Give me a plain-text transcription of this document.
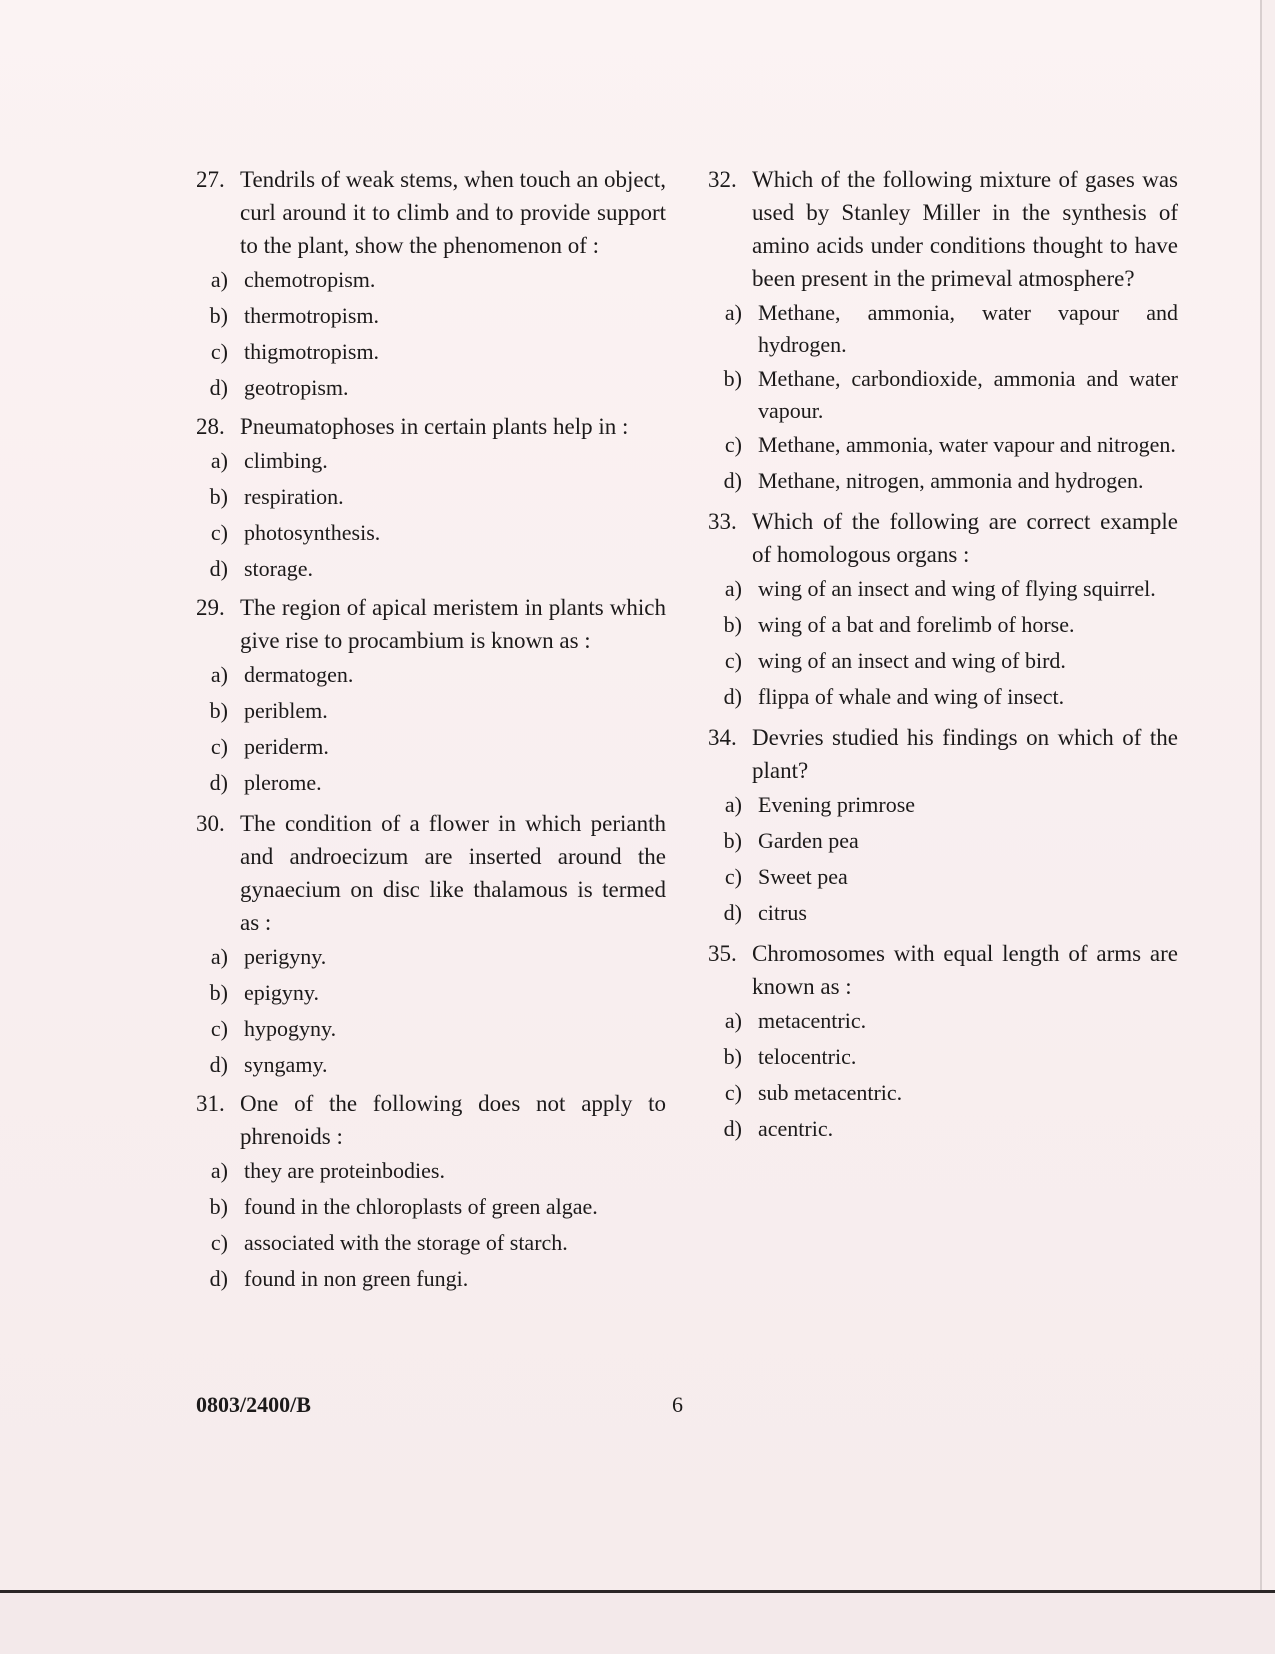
27. Tendrils of weak stems, when touch an object, curl around it to climb and to provide support to the plant, show the phenomenon of :
a) chemotropism.
b) thermotropism.
c) thigmotropism.
d) geotropism.
28. Pneumatophoses in certain plants help in :
a) climbing.
b) respiration.
c) photosynthesis.
d) storage.
29. The region of apical meristem in plants which give rise to procambium is known as :
a) dermatogen.
b) periblem.
c) periderm.
d) plerome.
30. The condition of a flower in which perianth and androecizum are inserted around the gynaecium on disc like thalamous is termed as :
a) perigyny.
b) epigyny.
c) hypogyny.
d) syngamy.
31. One of the following does not apply to phrenoids :
a) they are proteinbodies.
b) found in the chloroplasts of green algae.
c) associated with the storage of starch.
d) found in non green fungi.
32. Which of the following mixture of gases was used by Stanley Miller in the synthesis of amino acids under conditions thought to have been present in the primeval atmosphere?
a) Methane, ammonia, water vapour and hydrogen.
b) Methane, carbondioxide, ammonia and water vapour.
c) Methane, ammonia, water vapour and nitrogen.
d) Methane, nitrogen, ammonia and hydrogen.
33. Which of the following are correct example of homologous organs :
a) wing of an insect and wing of flying squirrel.
b) wing of a bat and forelimb of horse.
c) wing of an insect and wing of bird.
d) flippa of whale and wing of insect.
34. Devries studied his findings on which of the plant?
a) Evening primrose
b) Garden pea
c) Sweet pea
d) citrus
35. Chromosomes with equal length of arms are known as :
a) metacentric.
b) telocentric.
c) sub metacentric.
d) acentric.
0803/2400/B	6
